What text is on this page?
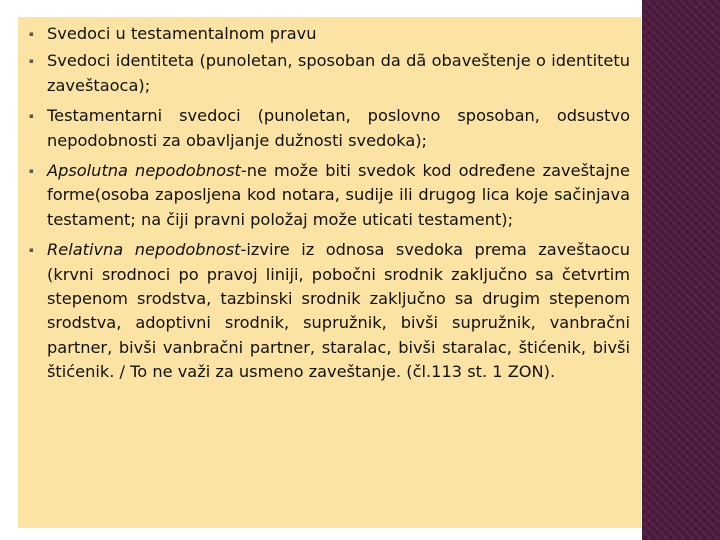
▪ Svedoci u testamentalnom pravu
▪ Svedoci identiteta (punoletan, sposoban da dã obaveštenje o identitetu zaveštaoca);
▪ Testamentarni svedoci (punoletan, poslovno sposoban, odsustvo nepodobnosti za obavljanje dužnosti svedoka);
▪ Apsolutna nepodobnost-ne može biti svedok kod određene zaveštajne forme(osoba zaposljena kod notara, sudije ili drugog lica koje sačinjava testament; na čiji pravni položaj može uticati testament);
▪ Relativna nepodobnost-izvire iz odnosa svedoka prema zaveštaocu (krvni srodnoci po pravoj liniji, pobočni srodnik zaključno sa četvrtim stepenom srodstva, tazbinski srodnik zaključno sa drugim stepenom srodstva, adoptivni srodnik, supružnik, bivši supružnik, vanbračni partner, bivši vanbračni partner, staralac, bivši staralac, štićenik, bivši štićenik. / To ne važi za usmeno zaveštanje. (čl.113 st. 1 ZON).
